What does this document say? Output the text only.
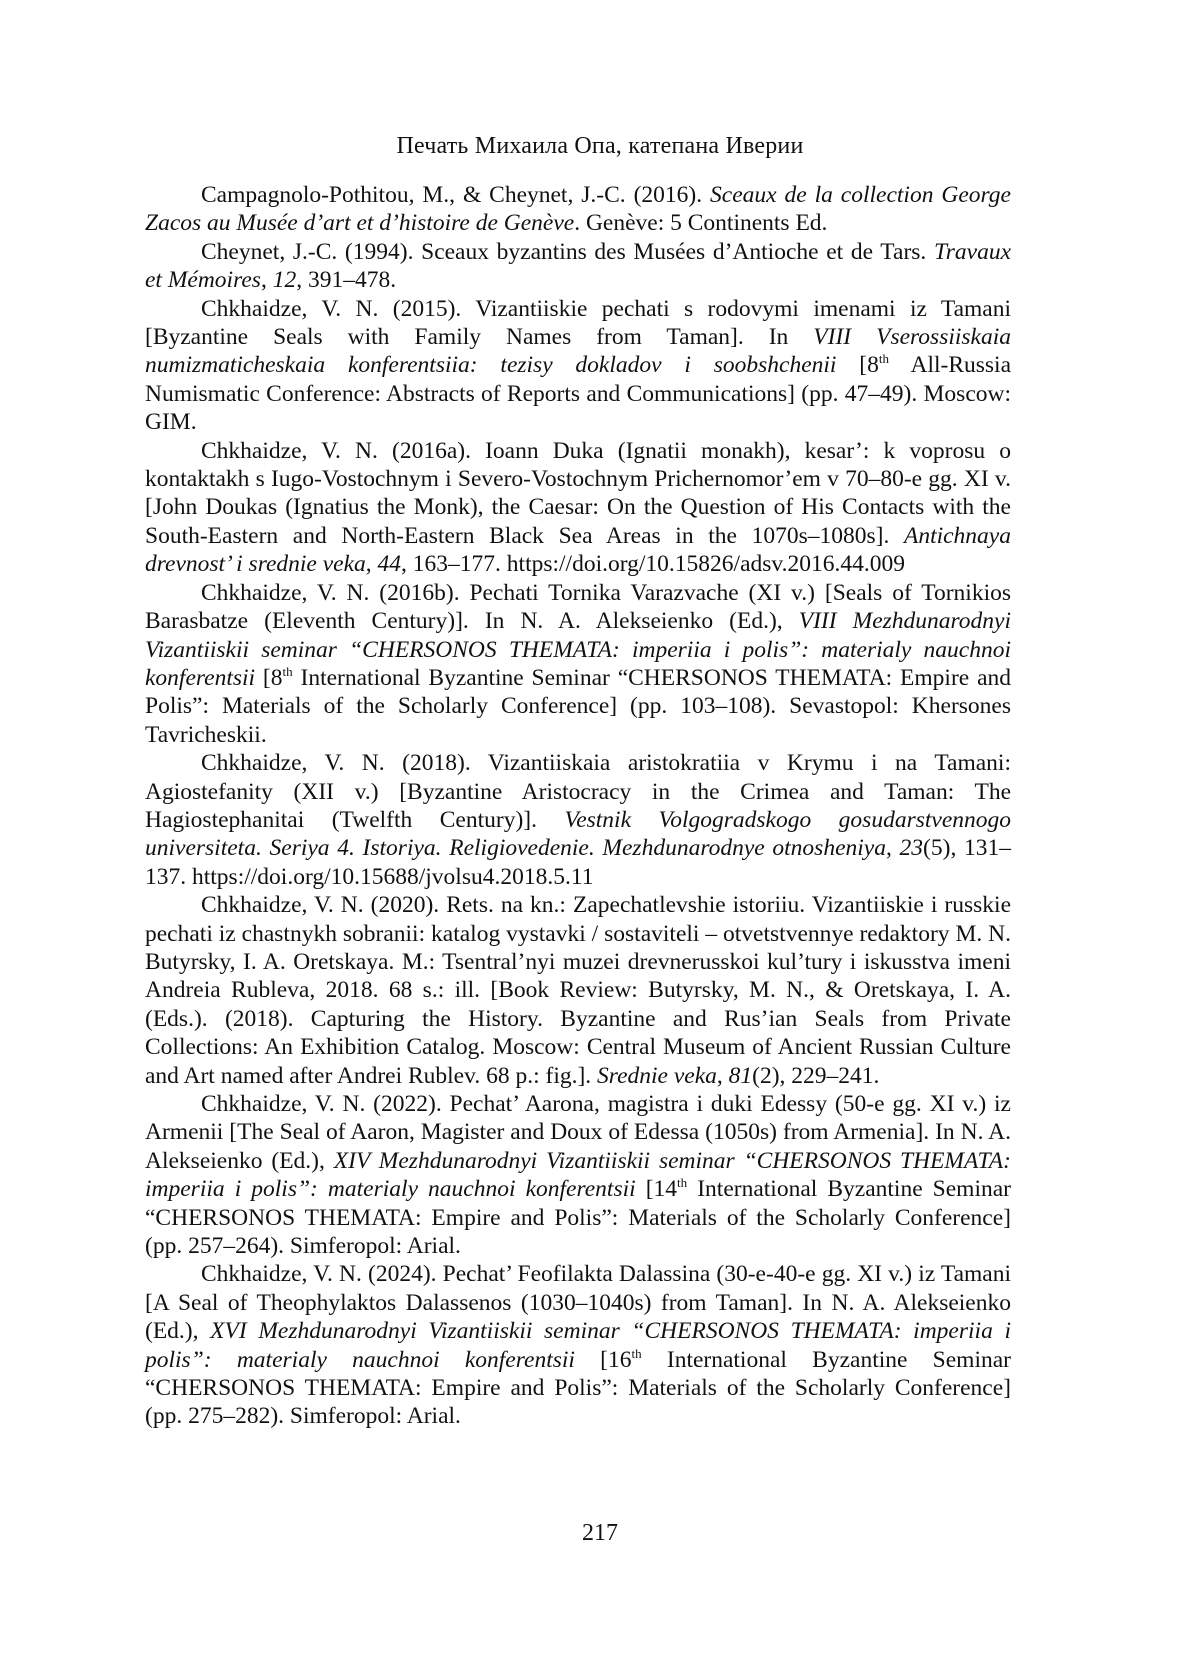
Печать Михаила Опа, катепана Иверии

Campagnolo-Pothitou, M., & Cheynet, J.-C. (2016). Sceaux de la collection George Zacos au Musée d’art et d’histoire de Genève. Genève: 5 Continents Ed.

Cheynet, J.-C. (1994). Sceaux byzantins des Musées d’Antioche et de Tars. Travaux et Mémoires, 12, 391–478.

Chkhaidze, V. N. (2015). Vizantiiskie pechati s rodovymi imenami iz Tamani [Byzantine Seals with Family Names from Taman]. In VIII Vserossiiskaia numizmaticheskaia konferentsiia: tezisy dokladov i soobshchenii [8th All-Russia Numismatic Conference: Abstracts of Reports and Communications] (pp. 47–49). Moscow: GIM.

Chkhaidze, V. N. (2016a). Ioann Duka (Ignatii monakh), kesar’: k voprosu o kontaktakh s Iugo-Vostochnym i Severo-Vostochnym Prichernomor’em v 70–80-e gg. XI v. [John Doukas (Ignatius the Monk), the Caesar: On the Question of His Contacts with the South-Eastern and North-Eastern Black Sea Areas in the 1070s–1080s]. Antichnaya drevnost’ i srednie veka, 44, 163–177. https://doi.org/10.15826/adsv.2016.44.009

Chkhaidze, V. N. (2016b). Pechati Tornika Varazvache (XI v.) [Seals of Tornikios Barasbatze (Eleventh Century)]. In N. A. Alekseienko (Ed.), VIII Mezhdunarodnyi Vizantiiskii seminar “CHERSONOS THEMATA: imperiia i polis”: materialy nauchnoi konferentsii [8th International Byzantine Seminar “CHERSONOS THEMATA: Empire and Polis”: Materials of the Scholarly Conference] (pp. 103–108). Sevastopol: Khersones Tavricheskii.

Chkhaidze, V. N. (2018). Vizantiiskaia aristokratiia v Krymu i na Tamani: Agiostefanity (XII v.) [Byzantine Aristocracy in the Crimea and Taman: The Hagiostephanitai (Twelfth Century)]. Vestnik Volgogradskogo gosudarstvennogo universiteta. Seriya 4. Istoriya. Religiovedenie. Mezhdunarodnye otnosheniya, 23(5), 131–137. https://doi.org/10.15688/jvolsu4.2018.5.11

Chkhaidze, V. N. (2020). Rets. na kn.: Zapechatlevshie istoriiu. Vizantiiskie i russkie pechati iz chastnykh sobranii: katalog vystavki / sostaviteli – otvetstvennye redaktory M. N. Butyrsky, I. A. Oretskaya. M.: Tsentral’nyi muzei drevnerusskoi kul’tury i iskusstva imeni Andreia Rubleva, 2018. 68 s.: ill. [Book Review: Butyrsky, M. N., & Oretskaya, I. A. (Eds.). (2018). Capturing the History. Byzantine and Rus’ian Seals from Private Collections: An Exhibition Catalog. Moscow: Central Museum of Ancient Russian Culture and Art named after Andrei Rublev. 68 p.: fig.]. Srednie veka, 81(2), 229–241.

Chkhaidze, V. N. (2022). Pechat’ Aarona, magistra i duki Edessy (50-e gg. XI v.) iz Armenii [The Seal of Aaron, Magister and Doux of Edessa (1050s) from Armenia]. In N. A. Alekseienko (Ed.), XIV Mezhdunarodnyi Vizantiiskii seminar “CHERSONOS THEMATA: imperiia i polis”: materialy nauchnoi konferentsii [14th International Byzantine Seminar “CHERSONOS THEMATA: Empire and Polis”: Materials of the Scholarly Conference] (pp. 257–264). Simferopol: Arial.

Chkhaidze, V. N. (2024). Pechat’ Feofilakta Dalassina (30-e-40-e gg. XI v.) iz Tamani [A Seal of Theophylaktos Dalassenos (1030–1040s) from Taman]. In N. A. Alekseienko (Ed.), XVI Mezhdunarodnyi Vizantiiskii seminar “CHERSONOS THEMATA: imperiia i polis”: materialy nauchnoi konferentsii [16th International Byzantine Seminar “CHERSONOS THEMATA: Empire and Polis”: Materials of the Scholarly Conference] (pp. 275–282). Simferopol: Arial.

217
